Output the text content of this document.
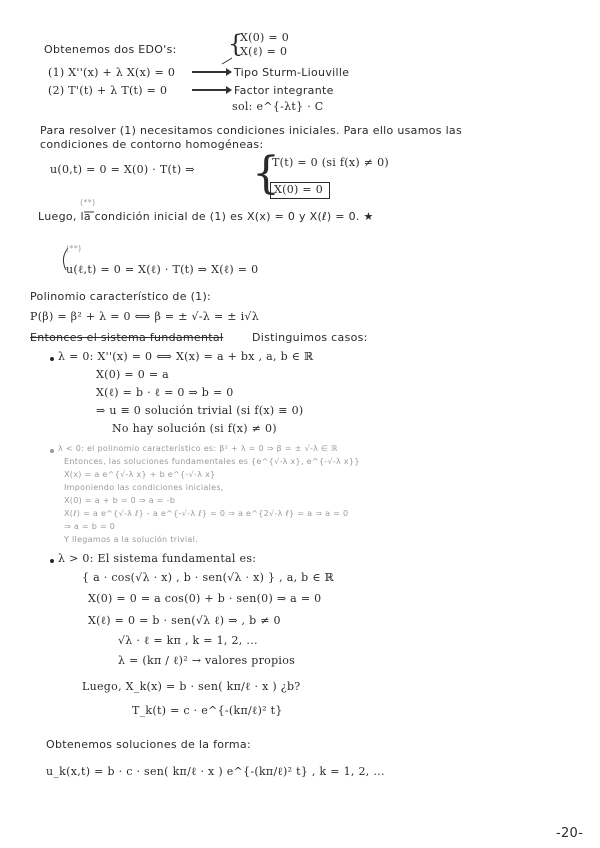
Obtenemos dos EDO's: {
X(0) = 0
X(ℓ) = 0
(1) X''(x) + λ X(x) = 0	Tipo Sturm-Liouville
(2) T'(t) + λ T(t) = 0	Factor integrante
sol: e^{-λt} · C
Para resolver (1) necesitamos condiciones iniciales. Para ello usamos las
condiciones de contorno homogéneas:
u(0,t) = 0 = X(0) · T(t) ⇒ {
T(t) = 0 (si f(x) ≠ 0)
X(0) = 0
(**)
Luego, la condición inicial de (1) es X(x) = 0 y X(ℓ) = 0. ★
(**)
u(ℓ,t) = 0 = X(ℓ) · T(t) ⇒ X(ℓ) = 0
Polinomio característico de (1):
P(β) = β² + λ = 0 ⟺ β = ± √-λ = ± i√λ
Entonces el sistema fundamental	Distinguimos casos:
λ = 0: X''(x) = 0 ⟺ X(x) = a + bx , a, b ∈ ℝ
X(0) = 0 = a
X(ℓ) = b · ℓ = 0 ⇒ b = 0
⇒ u ≡ 0 solución trivial (si f(x) ≡ 0)
No hay solución (si f(x) ≠ 0)
λ < 0: el polinomio característico es: β² + λ = 0 ⇒ β = ± √-λ ∈ ℝ
Entonces, las soluciones fundamentales es {e^{√-λ x}, e^{-√-λ x}}
X(x) = a e^{√-λ x} + b e^{-√-λ x}
Imponiendo las condiciones iniciales,
X(0) = a + b = 0 ⇒ a = -b
X(ℓ) = a e^{√-λ ℓ} - a e^{-√-λ ℓ} = 0 ⇒ a e^{2√-λ ℓ} = a ⇒ a = 0
⇒ a = b = 0
Y llegamos a la solución trivial.
λ > 0: El sistema fundamental es:
{ a · cos(√λ · x) , b · sen(√λ · x) } , a, b ∈ ℝ
X(0) = 0 = a cos(0) + b · sen(0) ⇒ a = 0
X(ℓ) = 0 = b · sen(√λ ℓ) ⇒ , b ≠ 0
√λ · ℓ = kπ , k = 1, 2, ...
λ = (kπ / ℓ)² → valores propios
Luego, X_k(x) = b · sen( kπ/ℓ · x ) ¿b?
T_k(t) = c · e^{-(kπ/ℓ)² t}
Obtenemos soluciones de la forma:
u_k(x,t) = b · c · sen( kπ/ℓ · x ) e^{-(kπ/ℓ)² t} , k = 1, 2, ...
-20-
